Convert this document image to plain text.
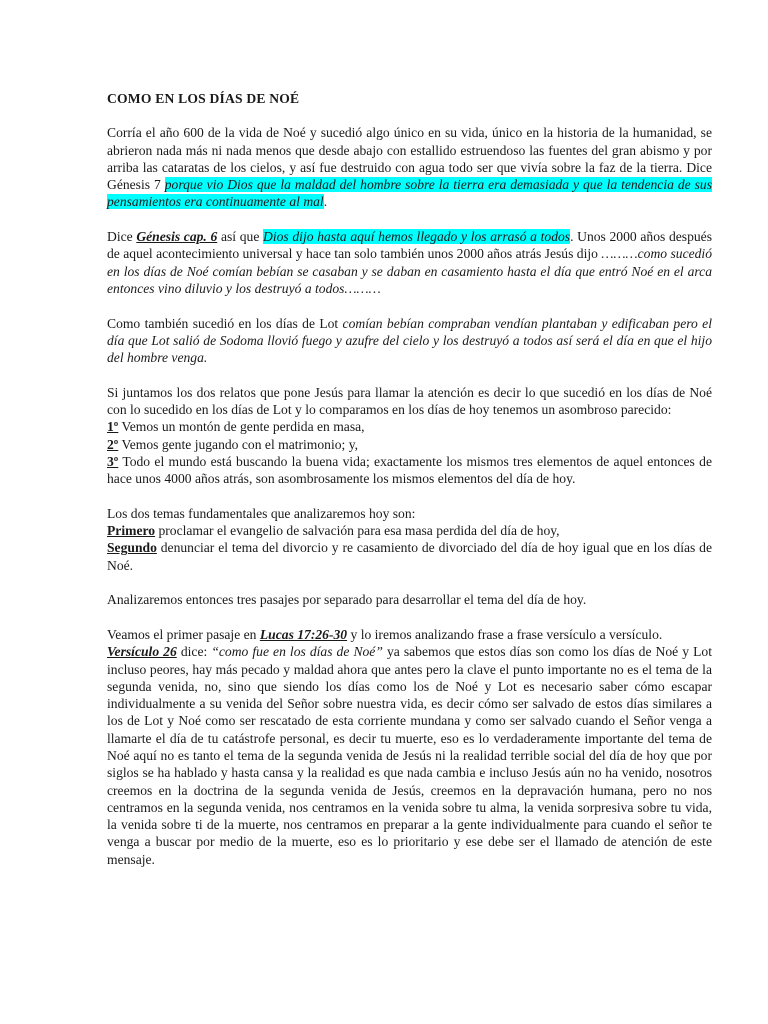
COMO EN LOS DÍAS DE NOÉ

Corría el año 600 de la vida de Noé y sucedió algo único en su vida, único en la historia de la humanidad, se abrieron nada más ni nada menos que desde abajo con estallido estruendoso las fuentes del gran abismo y por arriba las cataratas de los cielos, y así fue destruido con agua todo ser que vivía sobre la faz de la tierra. Dice Génesis 7 porque vio Dios que la maldad del hombre sobre la tierra era demasiada y que la tendencia de sus pensamientos era continuamente al mal.

Dice Génesis cap. 6 así que Dios dijo hasta aquí hemos llegado y los arrasó a todos. Unos 2000 años después de aquel acontecimiento universal y hace tan solo también unos 2000 años atrás Jesús dijo ………como sucedió en los días de Noé comían bebían se casaban y se daban en casamiento hasta el día que entró Noé en el arca entonces vino diluvio y los destruyó a todos………

Como también sucedió en los días de Lot comían bebían compraban vendían plantaban y edificaban pero el día que Lot salió de Sodoma llovió fuego y azufre del cielo y los destruyó a todos así será el día en que el hijo del hombre venga.

Si juntamos los dos relatos que pone Jesús para llamar la atención es decir lo que sucedió en los días de Noé con lo sucedido en los días de Lot y lo comparamos en los días de hoy tenemos un asombroso parecido:

1º Vemos un montón de gente perdida en masa,

2º Vemos gente jugando con el matrimonio; y,

3º Todo el mundo está buscando la buena vida; exactamente los mismos tres elementos de aquel entonces de hace unos 4000 años atrás, son asombrosamente los mismos elementos del día de hoy.

Los dos temas fundamentales que analizaremos hoy son:

Primero proclamar el evangelio de salvación para esa masa perdida del día de hoy,

Segundo denunciar el tema del divorcio y re casamiento de divorciado del día de hoy igual que en los días de Noé.

Analizaremos entonces tres pasajes por separado para desarrollar el tema del día de hoy.

Veamos el primer pasaje en Lucas 17:26-30 y lo iremos analizando frase a frase versículo a versículo.

Versículo 26 dice: “como fue en los días de Noé” ya sabemos que estos días son como los días de Noé y Lot incluso peores, hay más pecado y maldad ahora que antes pero la clave el punto importante no es el tema de la segunda venida, no, sino que siendo los días como los de Noé y Lot es necesario saber cómo escapar individualmente a su venida del Señor sobre nuestra vida, es decir cómo ser salvado de estos días similares a los de Lot y Noé como ser rescatado de esta corriente mundana y como ser salvado cuando el Señor venga a llamarte el día de tu catástrofe personal, es decir tu muerte, eso es lo verdaderamente importante del tema de Noé aquí no es tanto el tema de la segunda venida de Jesús ni la realidad terrible social del día de hoy que por siglos se ha hablado y hasta cansa y la realidad es que nada cambia e incluso Jesús aún no ha venido, nosotros creemos en la doctrina de la segunda venida de Jesús, creemos en la depravación humana, pero no nos centramos en la segunda venida, nos centramos en la venida sobre tu alma, la venida sorpresiva sobre tu vida, la venida sobre ti de la muerte, nos centramos en preparar a la gente individualmente para cuando el señor te venga a buscar por medio de la muerte, eso es lo prioritario y ese debe ser el llamado de atención de este mensaje.
